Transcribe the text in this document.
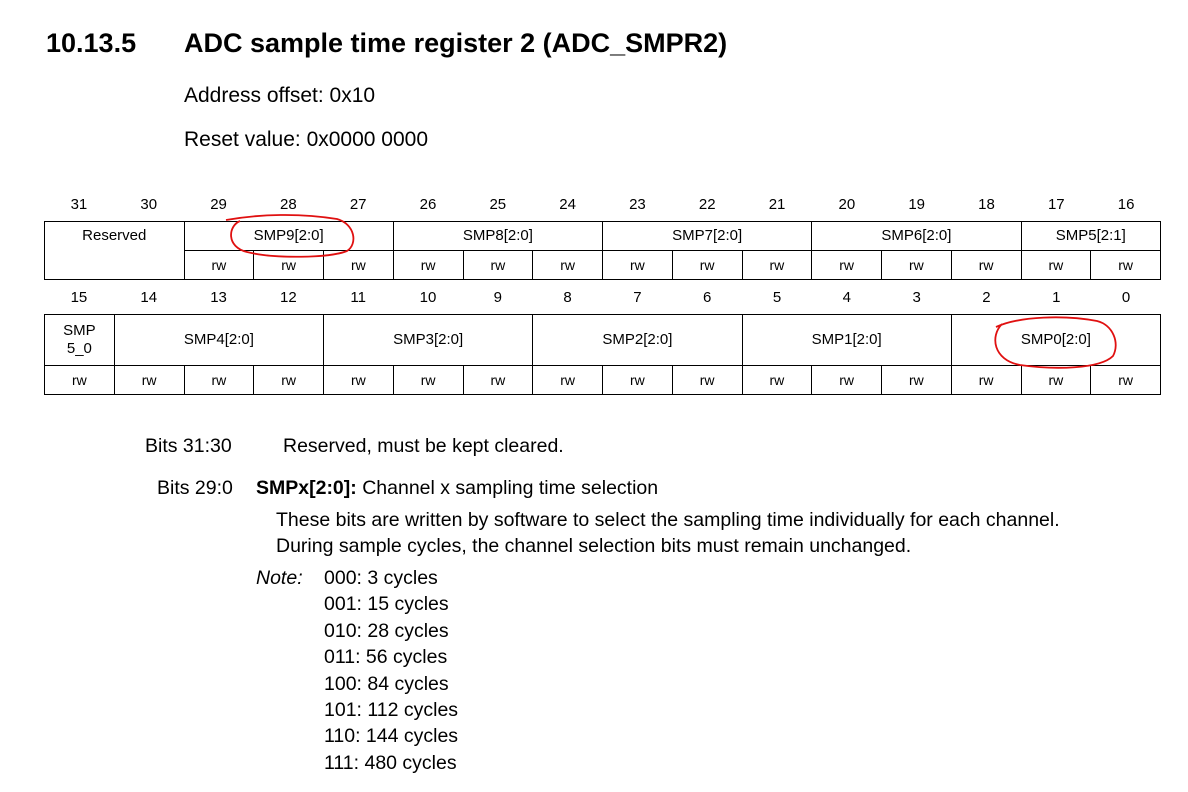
10.13.5 ADC sample time register 2 (ADC_SMPR2)
Address offset: 0x10
Reset value: 0x0000 0000
31	30	29	28	27	26	25	24	23	22	21	20	19	18	17	16
Reserved	SMP9[2:0]			SMP8[2:0]			SMP7[2:0]			SMP6[2:0]			SMP5[2:1]	
	rw	rw	rw	rw	rw	rw	rw	rw	rw	rw	rw	rw	rw	rw
15	14	13	12	11	10	9	8	7	6	5	4	3	2	1	0
SMP
5_0	SMP4[2:0]			SMP3[2:0]			SMP2[2:0]			SMP1[2:0]			SMP0[2:0]		
rw	rw	rw	rw	rw	rw	rw	rw	rw	rw	rw	rw	rw	rw	rw	rw
Bits 31:30	Reserved, must be kept cleared.
Bits 29:0 SMPx[2:0]: Channel x sampling time selection
These bits are written by software to select the sampling time individually for each channel.
During sample cycles, the channel selection bits must remain unchanged.
Note: 000: 3 cycles
001: 15 cycles
010: 28 cycles
011: 56 cycles
100: 84 cycles
101: 112 cycles
110: 144 cycles
111: 480 cycles
